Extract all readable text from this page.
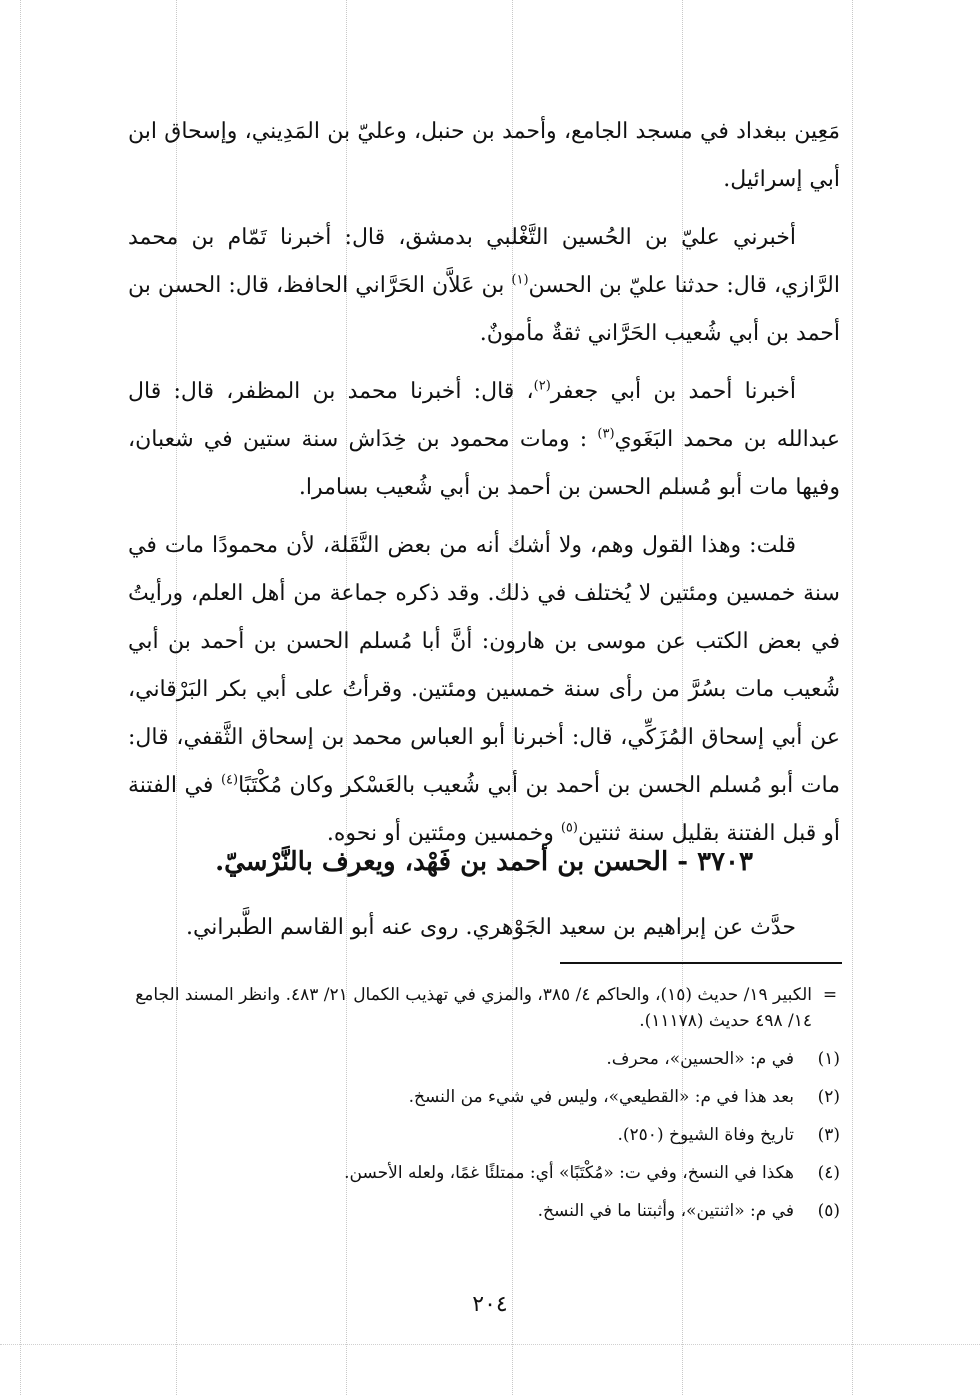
مَعِين ببغداد في مسجد الجامع، وأحمد بن حنبل، وعليّ بن المَدِيني، وإسحاق ابن أبي إسرائيل.

أخبرني عليّ بن الحُسين التَّغْلبي بدمشق، قال: أخبرنا تَمّام بن محمد الرَّازي، قال: حدثنا عليّ بن الحسن$^{(١)}$ بن عَلاَّن الحَرَّاني الحافظ، قال: الحسن بن أحمد بن أبي شُعيب الحَرَّاني ثقةٌ مأمونٌ.

أخبرنا أحمد بن أبي جعفر$^{(٢)}$، قال: أخبرنا محمد بن المظفر، قال: قال عبدالله بن محمد البَغَوي$^{(٣)}$ : ومات محمود بن خِدَاش سنة ستين في شعبان، وفيها مات أبو مُسلم الحسن بن أحمد بن أبي شُعيب بسامرا.

قلت: وهذا القول وهم، ولا أشك أنه من بعض النَّقَلة، لأن محمودًا مات في سنة خمسين ومئتين لا يُختلف في ذلك. وقد ذكره جماعة من أهل العلم، ورأيتُ في بعض الكتب عن موسى بن هارون: أنَّ أبا مُسلم الحسن بن أحمد بن أبي شُعيب مات بسُرَّ من رأى سنة خمسين ومئتين. وقرأتُ على أبي بكر البَرْقاني، عن أبي إسحاق المُزَكِّي، قال: أخبرنا أبو العباس محمد بن إسحاق الثَّقفي، قال: مات أبو مُسلم الحسن بن أحمد بن أبي شُعيب بالعَسْكر وكان مُكْتَبًا$^{(٤)}$ في الفتنة أو قبل الفتنة بقليل سنة ثنتين$^{(٥)}$ وخمسين ومئتين أو نحوه.

٣٧٠٣ - الحسن بن أحمد بن فَهْد، ويعرف بالنَّرْسيّ.
حدَّث عن إبراهيم بن سعيد الجَوْهري. روى عنه أبو القاسم الطَّبراني.
=
الكبير ١٩/ حديث (١٥)، والحاكم ٤/ ٣٨٥، والمزي في تهذيب الكمال ٢١/ ٤٨٣. وانظر المسند الجامع ١٤/ ٤٩٨ حديث (١١١٧٨).
(١)
في م: «الحسين»، محرف.
(٢)
بعد هذا في م: «القطيعي»، وليس في شيء من النسخ.
(٣)
تاريخ وفاة الشيوخ (٢٥٠).
(٤)
هكذا في النسخ، وفي ت: «مُكْتَبًا» أي: ممتلئًا غمًا، ولعله الأحسن.
(٥)
في م: «اثنتين»، وأثبتنا ما في النسخ.
٢٠٤
